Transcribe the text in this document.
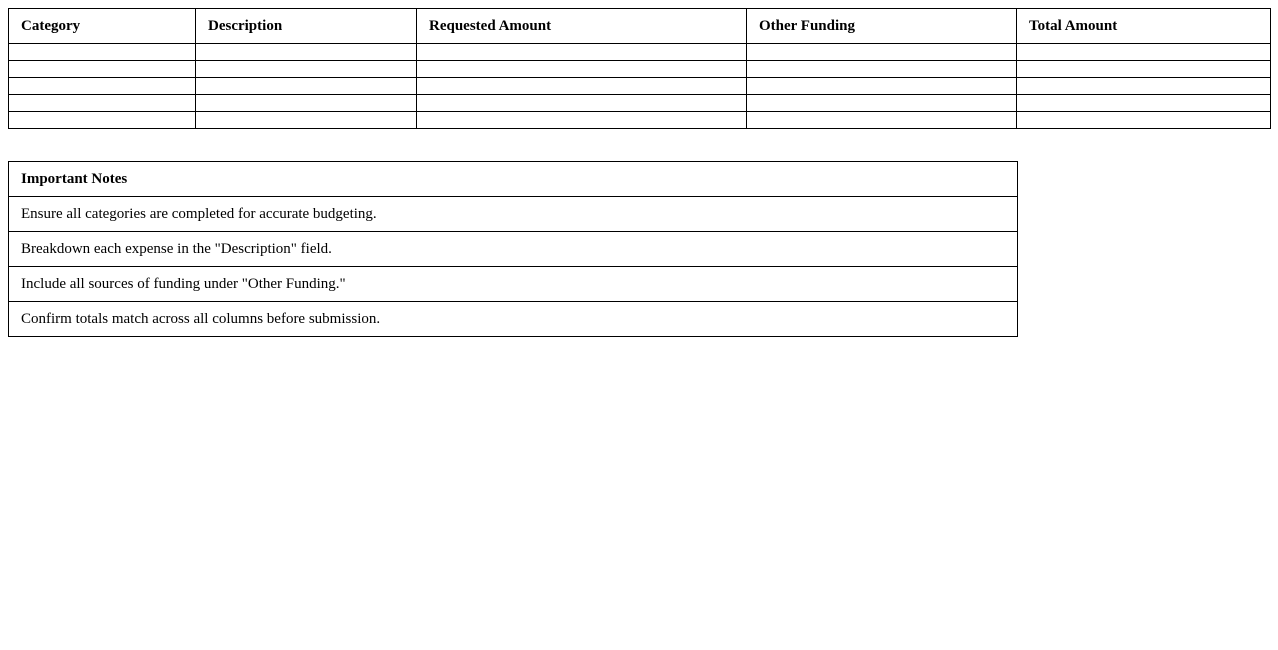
Category	Description	Requested Amount	Other Funding	Total Amount

Important Notes
Ensure all categories are completed for accurate budgeting.
Breakdown each expense in the "Description" field.
Include all sources of funding under "Other Funding."
Confirm totals match across all columns before submission.
